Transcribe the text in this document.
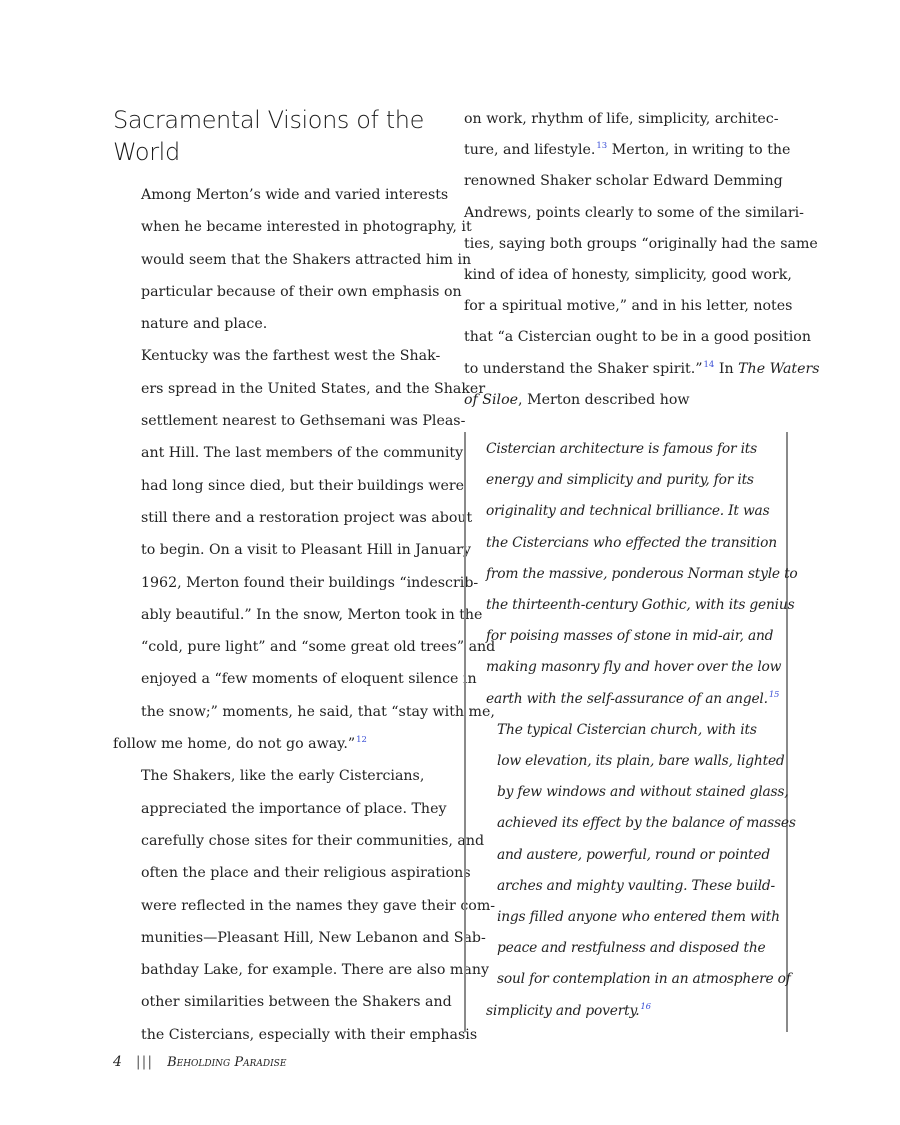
Sacramental Visions of the World

Among Merton’s wide and varied interests
when he became interested in photography, it
would seem that the Shakers attracted him in
particular because of their own emphasis on
nature and place.

Kentucky was the farthest west the Shak-
ers spread in the United States, and the Shaker
settlement nearest to Gethsemani was Pleas-
ant Hill. The last members of the community
had long since died, but their buildings were
still there and a restoration project was about
to begin. On a visit to Pleasant Hill in January
1962, Merton found their buildings “indescrib-
ably beautiful.” In the snow, Merton took in the
“cold, pure light” and “some great old trees” and
enjoyed a “few moments of eloquent silence in
the snow;” moments, he said, that “stay with me,
follow me home, do not go away.”$^{12}$

The Shakers, like the early Cistercians,
appreciated the importance of place. They
carefully chose sites for their communities, and
often the place and their religious aspirations
were reflected in the names they gave their com-
munities—Pleasant Hill, New Lebanon and Sab-
bathday Lake, for example. There are also many
other similarities between the Shakers and
the Cistercians, especially with their emphasis

on work, rhythm of life, simplicity, architec-
ture, and lifestyle.$^{13}$ Merton, in writing to the
renowned Shaker scholar Edward Demming
Andrews, points clearly to some of the similari-
ties, saying both groups “originally had the same
kind of idea of honesty, simplicity, good work,
for a spiritual motive,” and in his letter, notes
that “a Cistercian ought to be in a good position
to understand the Shaker spirit.”$^{14}$ In The Waters
of Siloe, Merton described how

Cistercian architecture is famous for its
energy and simplicity and purity, for its
originality and technical brilliance. It was
the Cistercians who effected the transition
from the massive, ponderous Norman style to
the thirteenth-century Gothic, with its genius
for poising masses of stone in mid-air, and
making masonry fly and hover over the low
earth with the self-assurance of an angel.$^{15}$

The typical Cistercian church, with its
low elevation, its plain, bare walls, lighted
by few windows and without stained glass,
achieved its effect by the balance of masses
and austere, powerful, round or pointed
arches and mighty vaulting. These build-
ings filled anyone who entered them with
peace and restfulness and disposed the
soul for contemplation in an atmosphere of
simplicity and poverty.$^{16}$

4 ||| Beholding Paradise
